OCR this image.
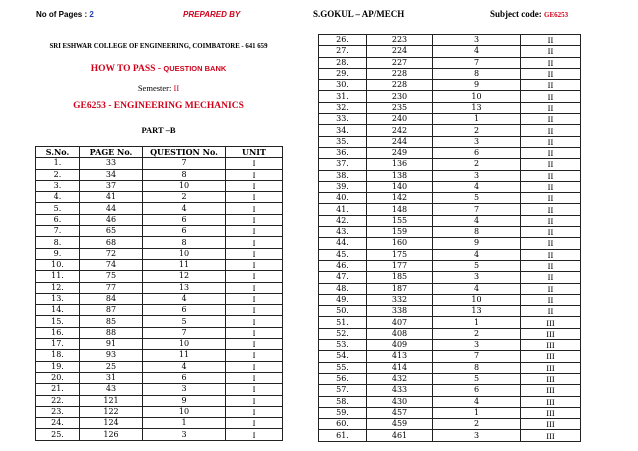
No of Pages : 2	PREPARED BY	S.GOKUL – AP/MECH	Subject code: GE6253
SRI ESHWAR COLLEGE OF ENGINEERING, COIMBATORE - 641 659
HOW TO PASS - QUESTION BANK
Semester: II
GE6253 - ENGINEERING MECHANICS
PART –B
S.No.	PAGE No.	QUESTION No.	UNIT
1.	33	7	I
2.	34	8	I
3.	37	10	I
4.	41	2	I
5.	44	4	I
6.	46	6	I
7.	65	6	I
8.	68	8	I
9.	72	10	I
10.	74	11	I
11.	75	12	I
12.	77	13	I
13.	84	4	I
14.	87	6	I
15.	85	5	I
16.	88	7	I
17.	91	10	I
18.	93	11	I
19.	25	4	I
20.	31	6	I
21.	43	3	I
22.	121	9	I
23.	122	10	I
24.	124	1	I
25.	126	3	I
26.	223	3	II
27.	224	4	II
28.	227	7	II
29.	228	8	II
30.	228	9	II
31.	230	10	II
32.	235	13	II
33.	240	1	II
34.	242	2	II
35.	244	3	II
36.	249	6	II
37.	136	2	II
38.	138	3	II
39.	140	4	II
40.	142	5	II
41.	148	7	II
42.	155	4	II
43.	159	8	II
44.	160	9	II
45.	175	4	II
46.	177	5	II
47.	185	3	II
48.	187	4	II
49.	332	10	II
50.	338	13	II
51.	407	1	III
52.	408	2	III
53.	409	3	III
54.	413	7	III
55.	414	8	III
56.	432	5	III
57.	433	6	III
58.	430	4	III
59.	457	1	III
60.	459	2	III
61.	461	3	III
